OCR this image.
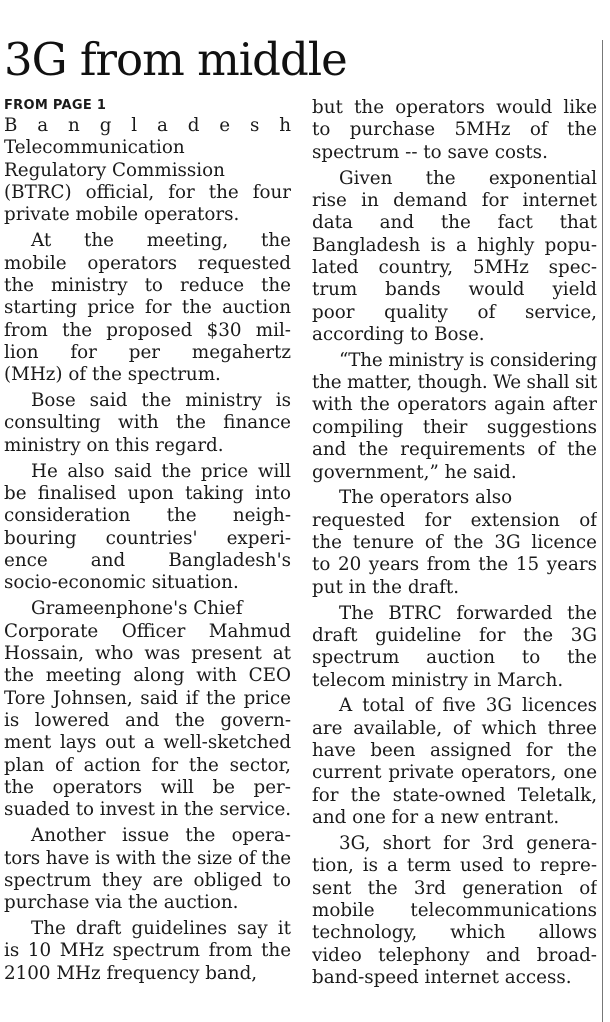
3G from middle
FROM PAGE 1
B a n g l a d e s h
Telecommunication
Regulatory Commission
(BTRC) official, for the four
private mobile operators.
At the meeting, the
mobile operators requested
the ministry to reduce the
starting price for the auction
from the proposed $30 mil-
lion for per megahertz
(MHz) of the spectrum.
Bose said the ministry is
consulting with the finance
ministry on this regard.
He also said the price will
be finalised upon taking into
consideration the neigh-
bouring countries' experi-
ence and Bangladesh's
socio-economic situation.
Grameenphone's Chief
Corporate Officer Mahmud
Hossain, who was present at
the meeting along with CEO
Tore Johnsen, said if the price
is lowered and the govern-
ment lays out a well-sketched
plan of action for the sector,
the operators will be per-
suaded to invest in the service.
Another issue the opera-
tors have is with the size of the
spectrum they are obliged to
purchase via the auction.
The draft guidelines say it
is 10 MHz spectrum from the
2100 MHz frequency band,
but the operators would like
to purchase 5MHz of the
spectrum -- to save costs.
Given the exponential
rise in demand for internet
data and the fact that
Bangladesh is a highly popu-
lated country, 5MHz spec-
trum bands would yield
poor quality of service,
according to Bose.
“The ministry is considering
the matter, though. We shall sit
with the operators again after
compiling their suggestions
and the requirements of the
government,” he said.
The operators also
requested for extension of
the tenure of the 3G licence
to 20 years from the 15 years
put in the draft.
The BTRC forwarded the
draft guideline for the 3G
spectrum auction to the
telecom ministry in March.
A total of five 3G licences
are available, of which three
have been assigned for the
current private operators, one
for the state-owned Teletalk,
and one for a new entrant.
3G, short for 3rd genera-
tion, is a term used to repre-
sent the 3rd generation of
mobile telecommunications
technology, which allows
video telephony and broad-
band-speed internet access.
